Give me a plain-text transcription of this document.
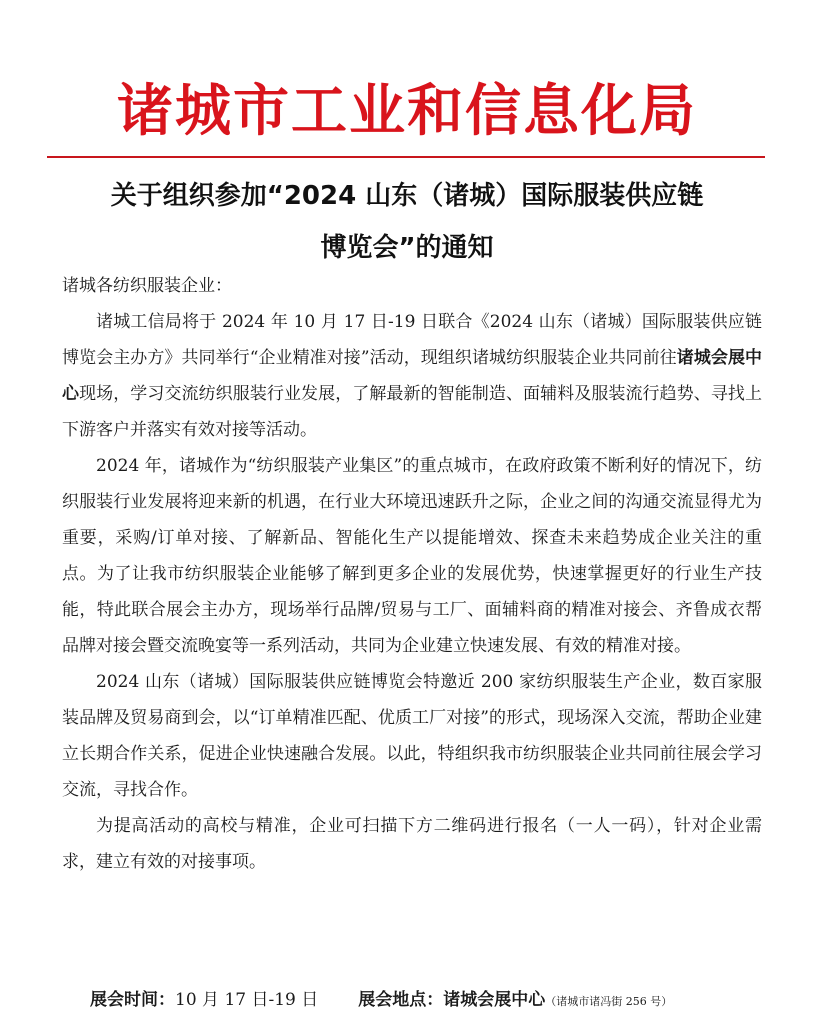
诸城市工业和信息化局
关于组织参加“2024 山东（诸城）国际服装供应链
博览会”的通知

诸城各纺织服装企业：

诸城工信局将于 2024 年 10 月 17 日-19 日联合《2024 山东（诸城）国际服装供应链博览会主办方》共同举行“企业精准对接”活动，现组织诸城纺织服装企业共同前往诸城会展中心现场，学习交流纺织服装行业发展，了解最新的智能制造、面辅料及服装流行趋势、寻找上下游客户并落实有效对接等活动。

2024 年，诸城作为“纺织服装产业集区”的重点城市，在政府政策不断利好的情况下，纺织服装行业发展将迎来新的机遇，在行业大环境迅速跃升之际，企业之间的沟通交流显得尤为重要，采购/订单对接、了解新品、智能化生产以提能增效、探查未来趋势成企业关注的重点。为了让我市纺织服装企业能够了解到更多企业的发展优势，快速掌握更好的行业生产技能，特此联合展会主办方，现场举行品牌/贸易与工厂、面辅料商的精准对接会、齐鲁成衣帮品牌对接会暨交流晚宴等一系列活动，共同为企业建立快速发展、有效的精准对接。

2024 山东（诸城）国际服装供应链博览会特邀近 200 家纺织服装生产企业，数百家服装品牌及贸易商到会，以“订单精准匹配、优质工厂对接”的形式，现场深入交流，帮助企业建立长期合作关系，促进企业快速融合发展。以此，特组织我市纺织服装企业共同前往展会学习交流，寻找合作。

为提高活动的高校与精准，企业可扫描下方二维码进行报名（一人一码），针对企业需求，建立有效的对接事项。

展会时间：10 月 17 日-19 日 展会地点：诸城会展中心（诸城市诸冯街 256 号）
